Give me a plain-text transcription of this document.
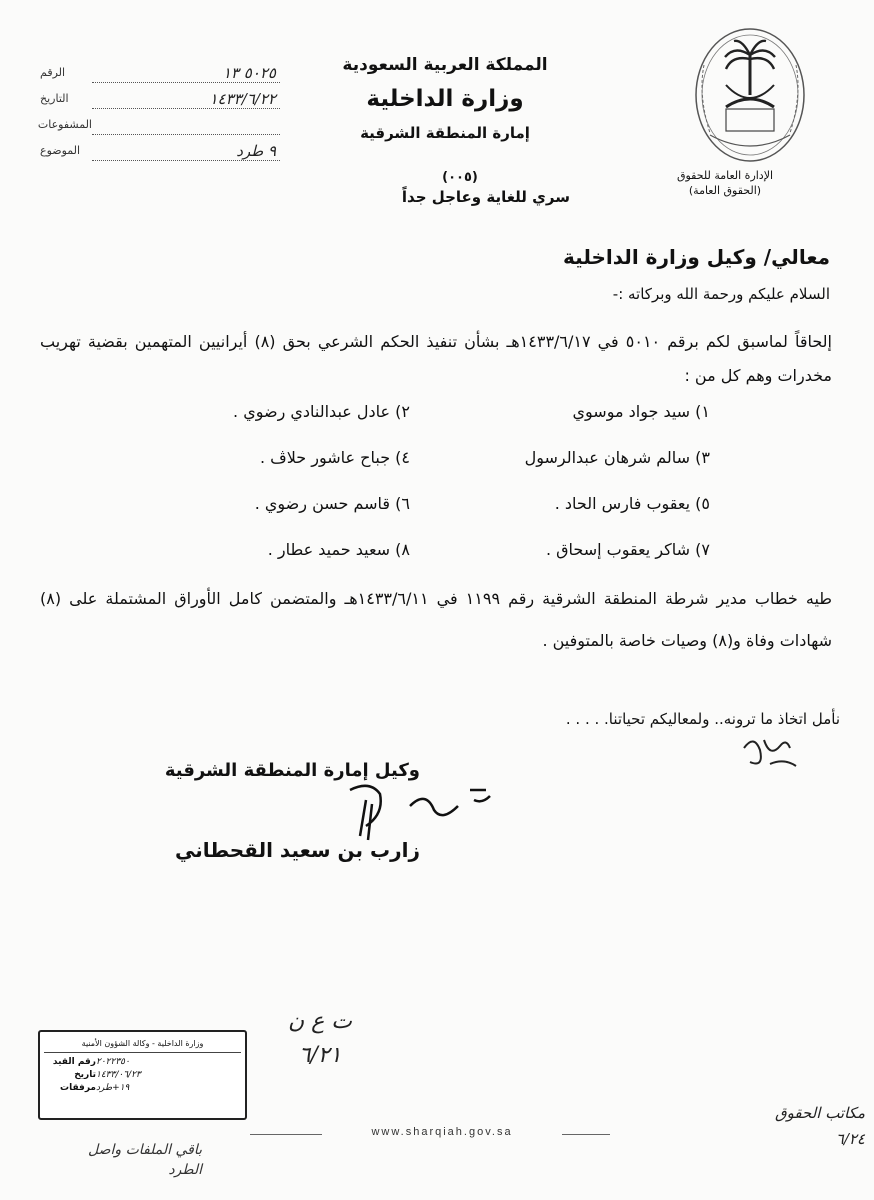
الإدارة العامة للحقوق
(الحقوق العامة)
المملكة العربية السعودية
وزارة الداخلية
إمارة المنطقة الشرقية
الرقم	٥٠٢٥ ١٣
التاريخ	١٤٣٣/٦/٢٢
المشفوعات
الموضوع	٩ طرد
(٠٠٥)
سري للغاية وعاجل جداً
معالي/ وكيل وزارة الداخلية
السلام عليكم ورحمة الله وبركاته :-
إلحاقاً لماسبق لكم برقم ٥٠١٠ في ١٤٣٣/٦/١٧هـ بشأن تنفيذ الحكم الشرعي بحق (٨) أيرانيين المتهمين بقضية تهريب مخدرات وهم كل من :
١) سيد جواد موسوي
٢) عادل عبدالنادي رضوي .
٣) سالم شرهان عبدالرسول
٤) جباح عاشور حلاڤ .
٥) يعقوب فارس الحاد .
٦) قاسم حسن رضوي .
٧) شاكر يعقوب إسحاق .
٨) سعيد حميد عطار .
طيه خطاب مدير شرطة المنطقة الشرقية رقم ١١٩٩ في ١٤٣٣/٦/١١هـ والمتضمن كامل الأوراق المشتملة على (٨) شهادات وفاة و(٨) وصيات خاصة بالمتوفين .
نأمل اتخاذ ما ترونه.. ولمعاليكم تحياتنا. . . . .
وكيل إمارة المنطقة الشرقية
زارب بن سعيد القحطاني
ت ع ن
٦/٢١
وزارة الداخلية - وكالة الشؤون الأمنية
رقم القيد ٢٠٢٢٣٥٠
تاريخ ١٤٣٣/٠٦/٢٣
مرفقات ١٩+طرد
باقي الملفات واصل
الطرد
www.sharqiah.gov.sa
مكاتب الحقوق
٦/٢٤
